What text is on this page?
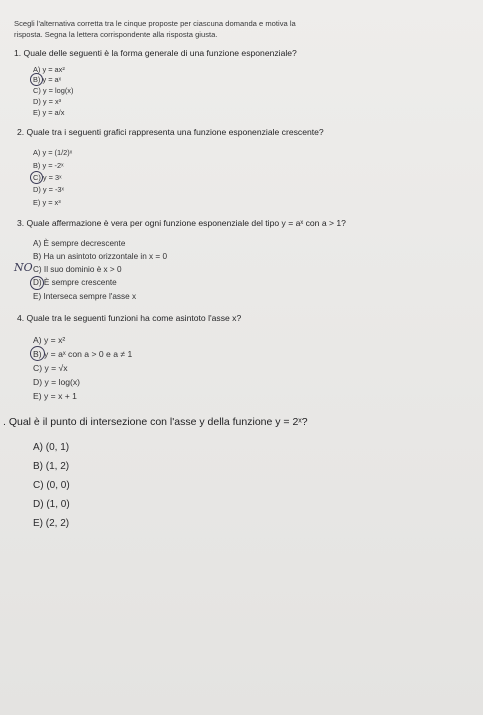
Scegli l'alternativa corretta tra le cinque proposte per ciascuna domanda e motiva la
risposta. Segna la lettera corrispondente alla risposta giusta.
1. Quale delle seguenti è la forma generale di una funzione esponenziale?
A) y = ax²
B) y = aˣ
C) y = log(x)
D) y = x³
E) y = a/x
2. Quale tra i seguenti grafici rappresenta una funzione esponenziale crescente?
A) y = (1/2)ˣ
B) y = -2ˣ
C) y = 3ˣ
D) y = -3ˣ
E) y = x³
3. Quale affermazione è vera per ogni funzione esponenziale del tipo y = aˣ con a > 1?
A) È sempre decrescente
B) Ha un asintoto orizzontale in x = 0
C) Il suo dominio è x > 0
D) È sempre crescente
E) Interseca sempre l'asse x
NO
4. Quale tra le seguenti funzioni ha come asintoto l'asse x?
A) y = x²
B) y = aˣ con a > 0 e a ≠ 1
C) y = √x
D) y = log(x)
E) y = x + 1
. Qual è il punto di intersezione con l'asse y della funzione y = 2ˣ?
A) (0, 1)
B) (1, 2)
C) (0, 0)
D) (1, 0)
E) (2, 2)
